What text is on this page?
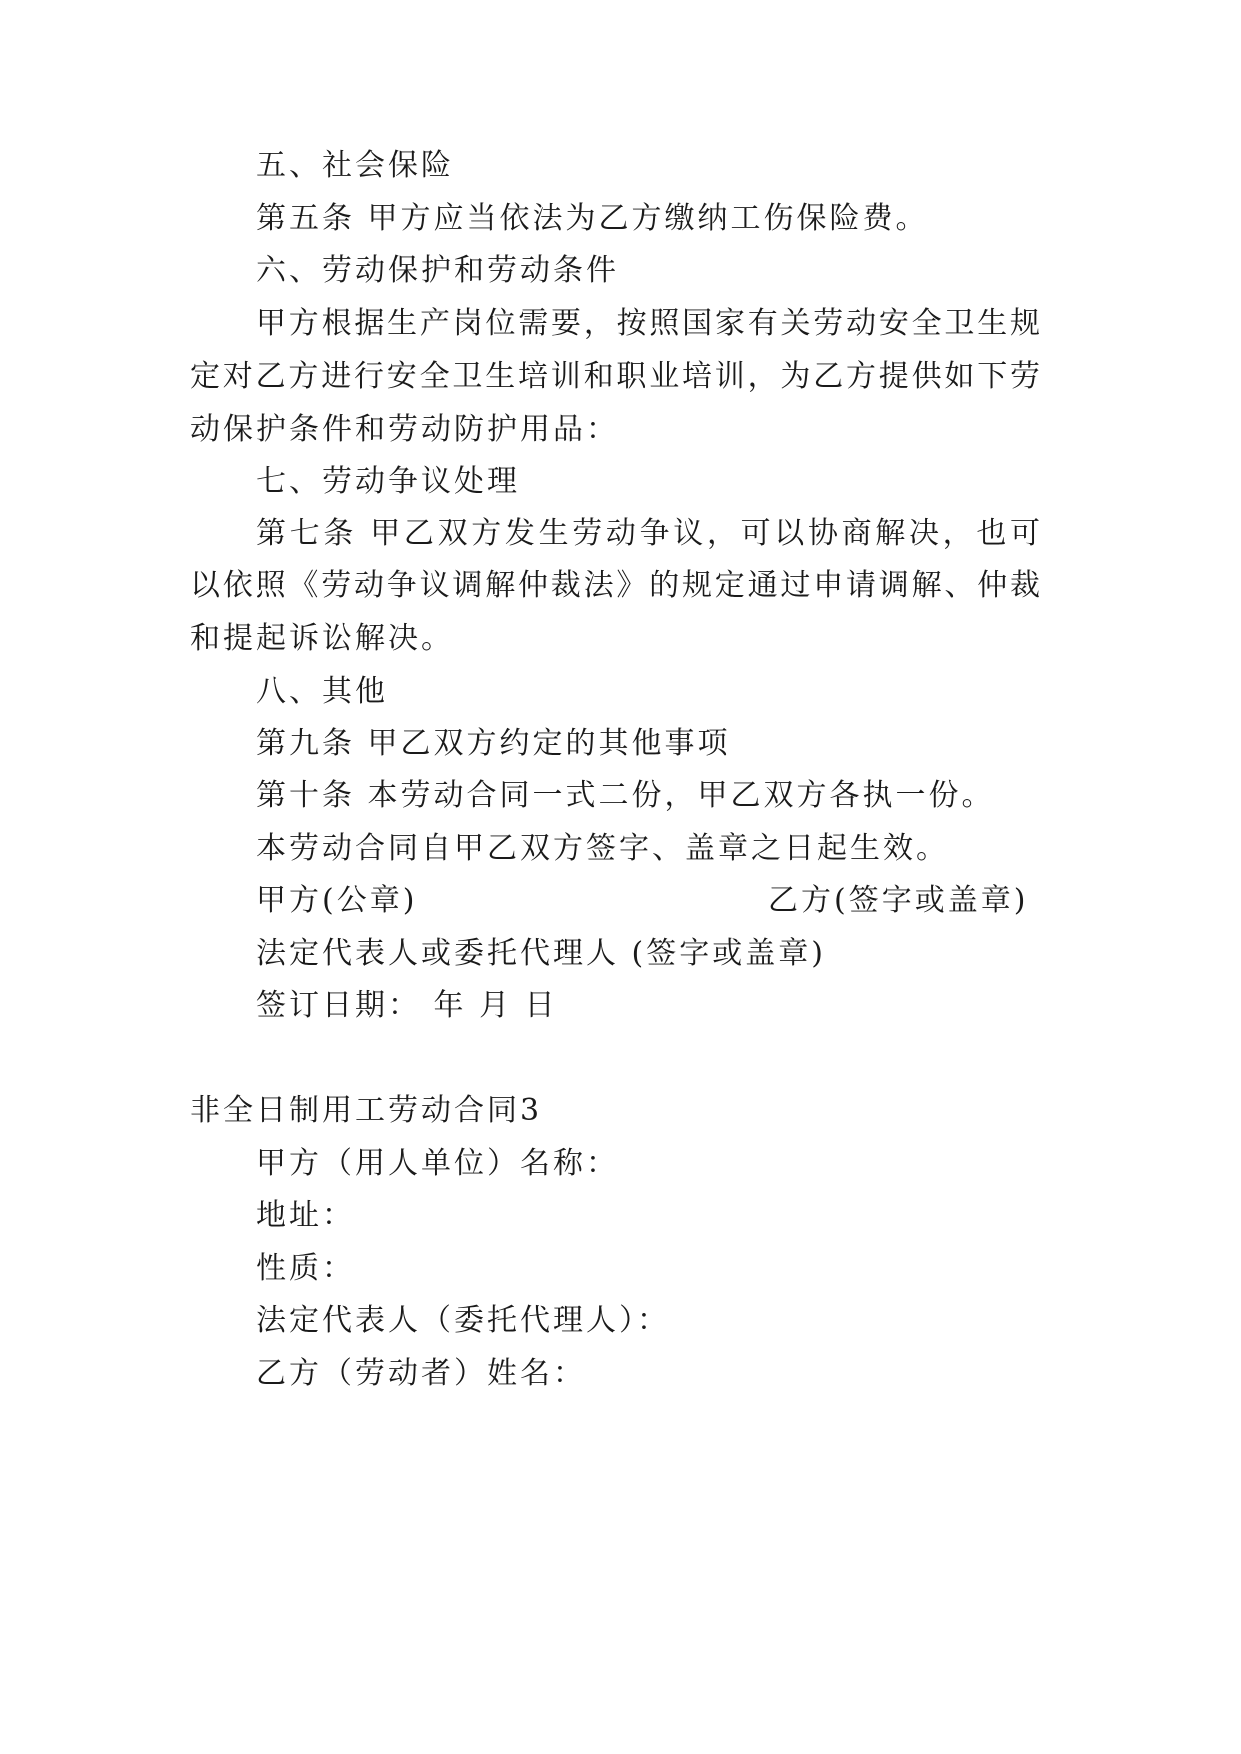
五、社会保险
第五条 甲方应当依法为乙方缴纳工伤保险费。
六、劳动保护和劳动条件
甲方根据生产岗位需要，按照国家有关劳动安全卫生规
定对乙方进行安全卫生培训和职业培训，为乙方提供如下劳
动保护条件和劳动防护用品：
七、劳动争议处理
第七条 甲乙双方发生劳动争议，可以协商解决，也可
以依照《劳动争议调解仲裁法》的规定通过申请调解、仲裁
和提起诉讼解决。
八、其他
第九条 甲乙双方约定的其他事项
第十条 本劳动合同一式二份，甲乙双方各执一份。
本劳动合同自甲乙双方签字、盖章之日起生效。
甲方(公章)	乙方(签字或盖章)
法定代表人或委托代理人 (签字或盖章)
签订日期： 年 月 日
非全日制用工劳动合同3
甲方（用人单位）名称：
地址：
性质：
法定代表人（委托代理人）：
乙方（劳动者）姓名：
